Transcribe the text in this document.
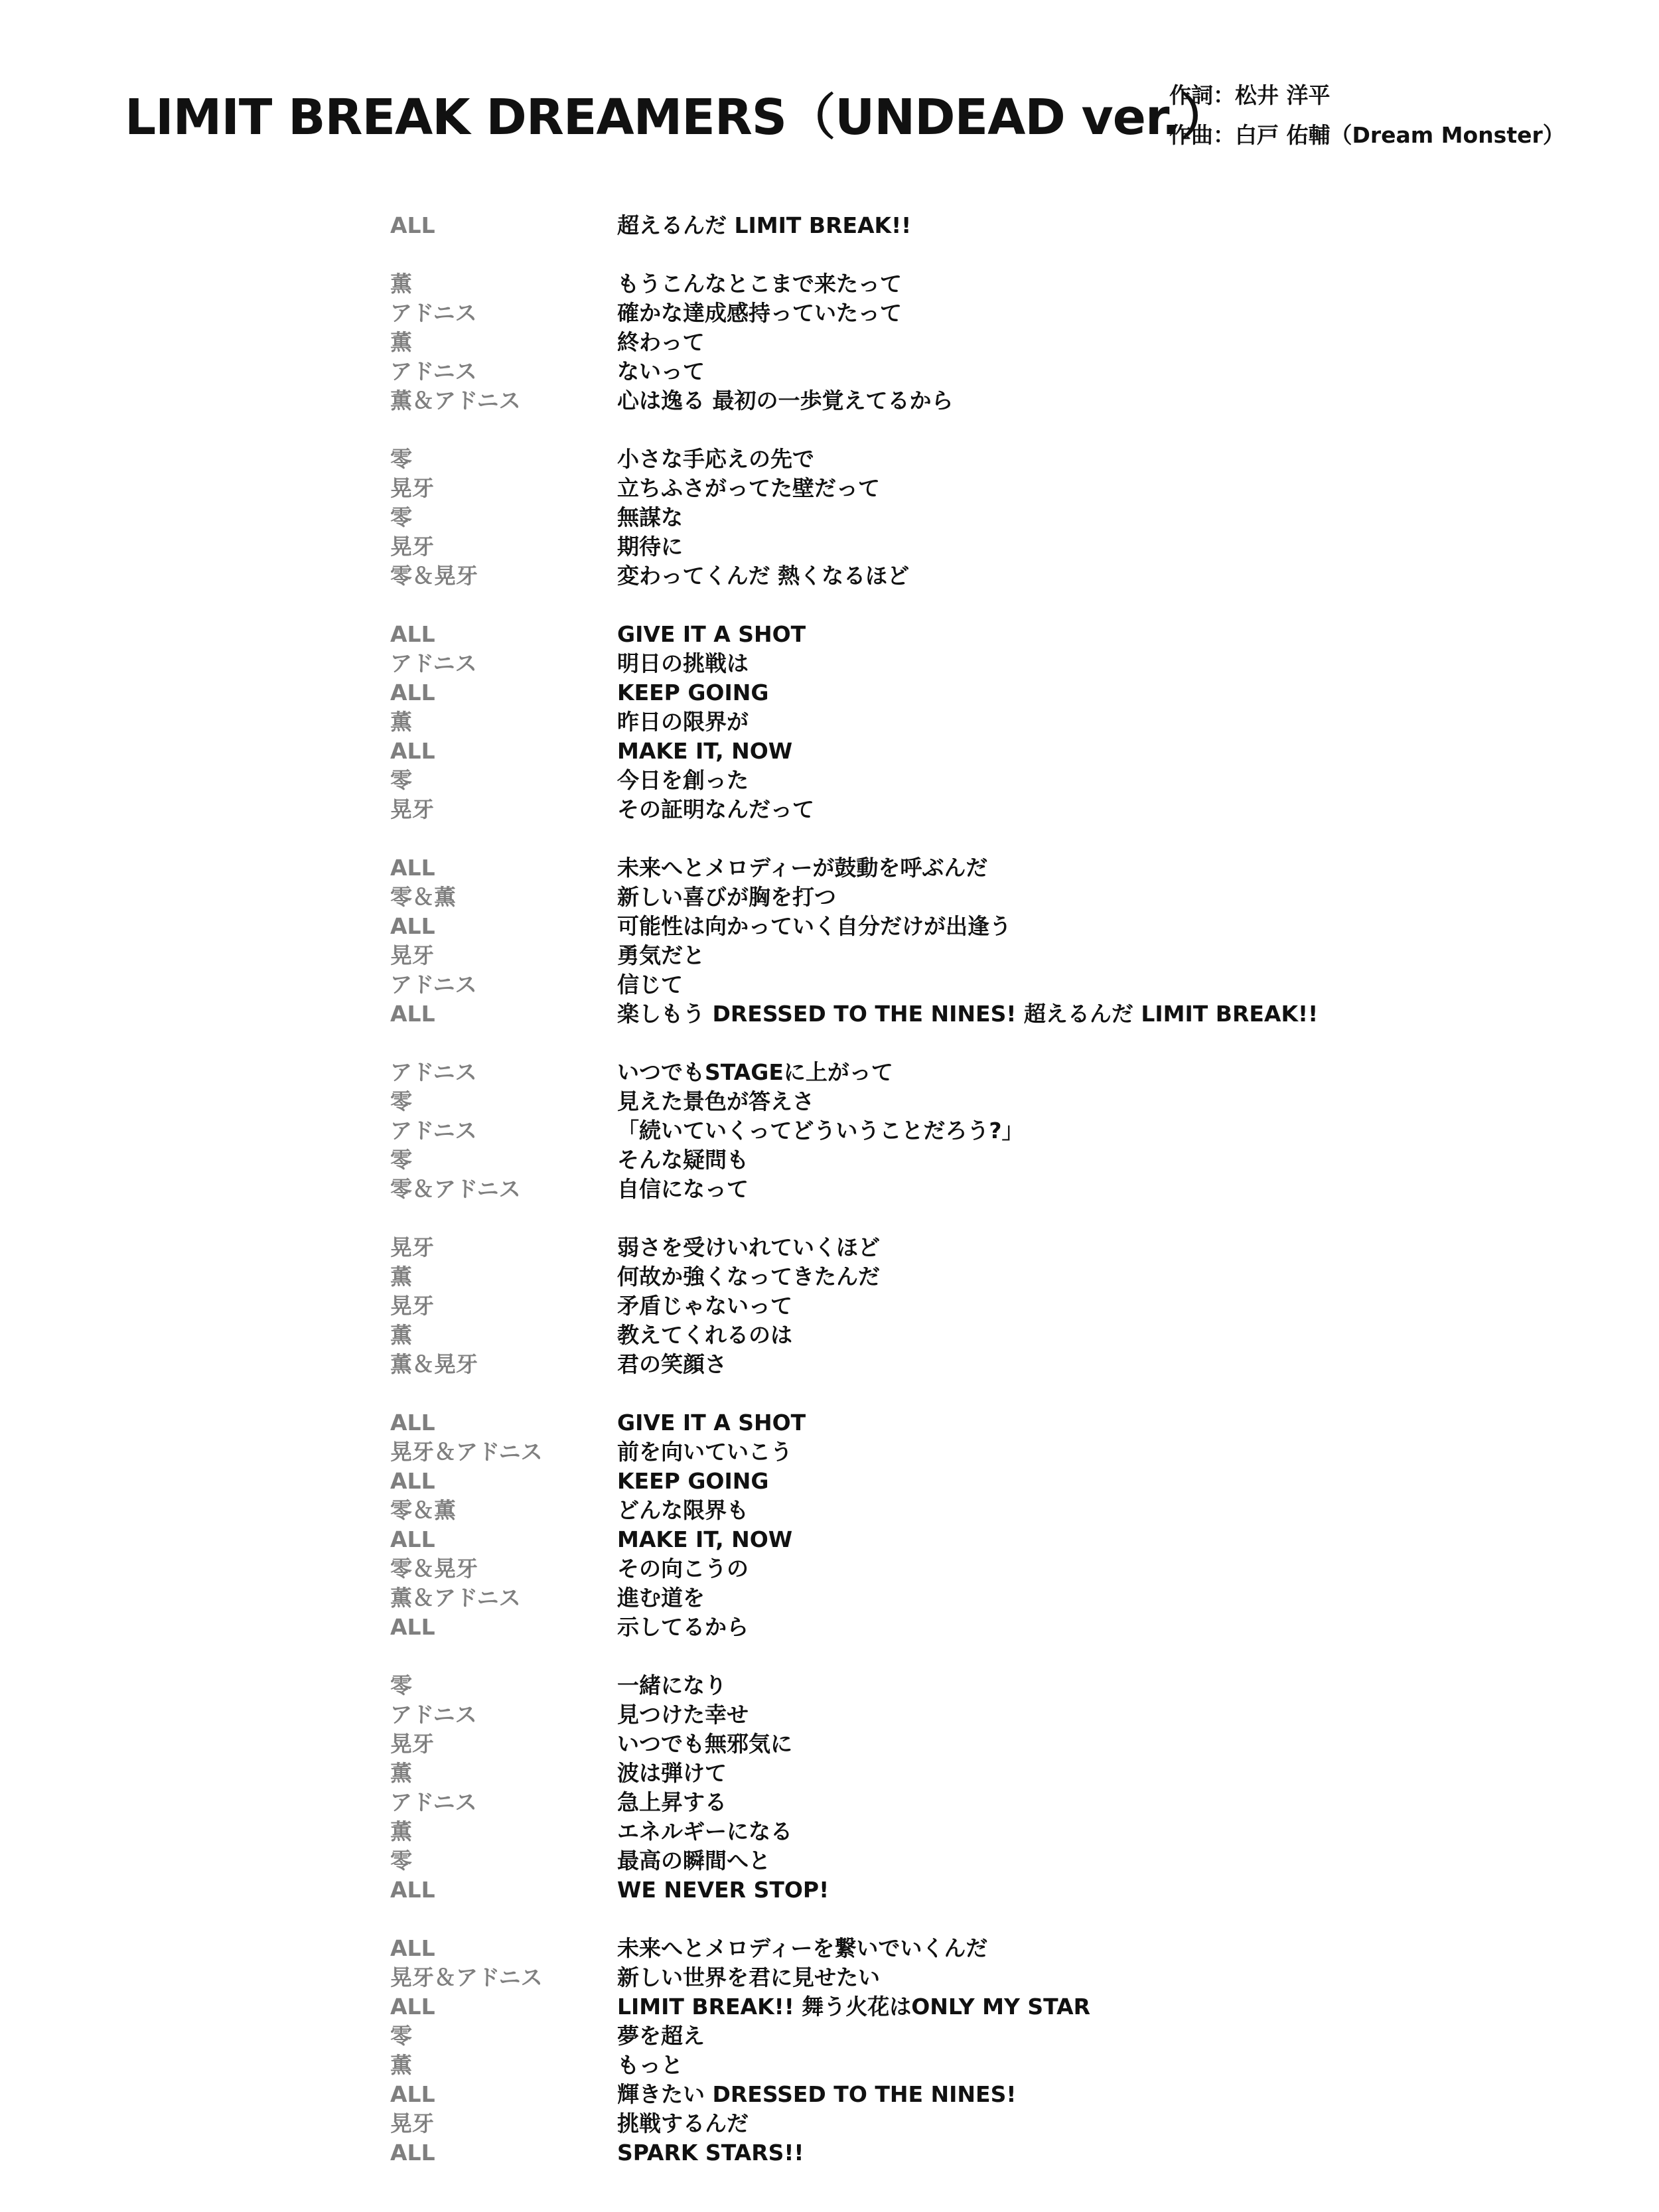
LIMIT BREAK DREAMERS（UNDEAD ver.）
作詞：松井 洋平
作曲：白戸 佑輔（Dream Monster）
ALL	超えるんだ LIMIT BREAK!!
薫	もうこんなとこまで来たって
アドニス	確かな達成感持っていたって
薫	終わって
アドニス	ないって
薫＆アドニス	心は逸る 最初の一歩覚えてるから
零	小さな手応えの先で
晃牙	立ちふさがってた壁だって
零	無謀な
晃牙	期待に
零＆晃牙	変わってくんだ 熱くなるほど
ALL	GIVE IT A SHOT
アドニス	明日の挑戦は
ALL	KEEP GOING
薫	昨日の限界が
ALL	MAKE IT, NOW
零	今日を創った
晃牙	その証明なんだって
ALL	未来へとメロディーが鼓動を呼ぶんだ
零＆薫	新しい喜びが胸を打つ
ALL	可能性は向かっていく自分だけが出逢う
晃牙	勇気だと
アドニス	信じて
ALL	楽しもう DRESSED TO THE NINES! 超えるんだ LIMIT BREAK!!
アドニス	いつでもSTAGEに上がって
零	見えた景色が答えさ
アドニス	「続いていくってどういうことだろう?」
零	そんな疑問も
零＆アドニス	自信になって
晃牙	弱さを受けいれていくほど
薫	何故か強くなってきたんだ
晃牙	矛盾じゃないって
薫	教えてくれるのは
薫＆晃牙	君の笑顔さ
ALL	GIVE IT A SHOT
晃牙＆アドニス	前を向いていこう
ALL	KEEP GOING
零＆薫	どんな限界も
ALL	MAKE IT, NOW
零＆晃牙	その向こうの
薫＆アドニス	進む道を
ALL	示してるから
零	一緒になり
アドニス	見つけた幸せ
晃牙	いつでも無邪気に
薫	波は弾けて
アドニス	急上昇する
薫	エネルギーになる
零	最高の瞬間へと
ALL	WE NEVER STOP!
ALL	未来へとメロディーを繋いでいくんだ
晃牙＆アドニス	新しい世界を君に見せたい
ALL	LIMIT BREAK!! 舞う火花はONLY MY STAR
零	夢を超え
薫	もっと
ALL	輝きたい DRESSED TO THE NINES!
晃牙	挑戦するんだ
ALL	SPARK STARS!!
